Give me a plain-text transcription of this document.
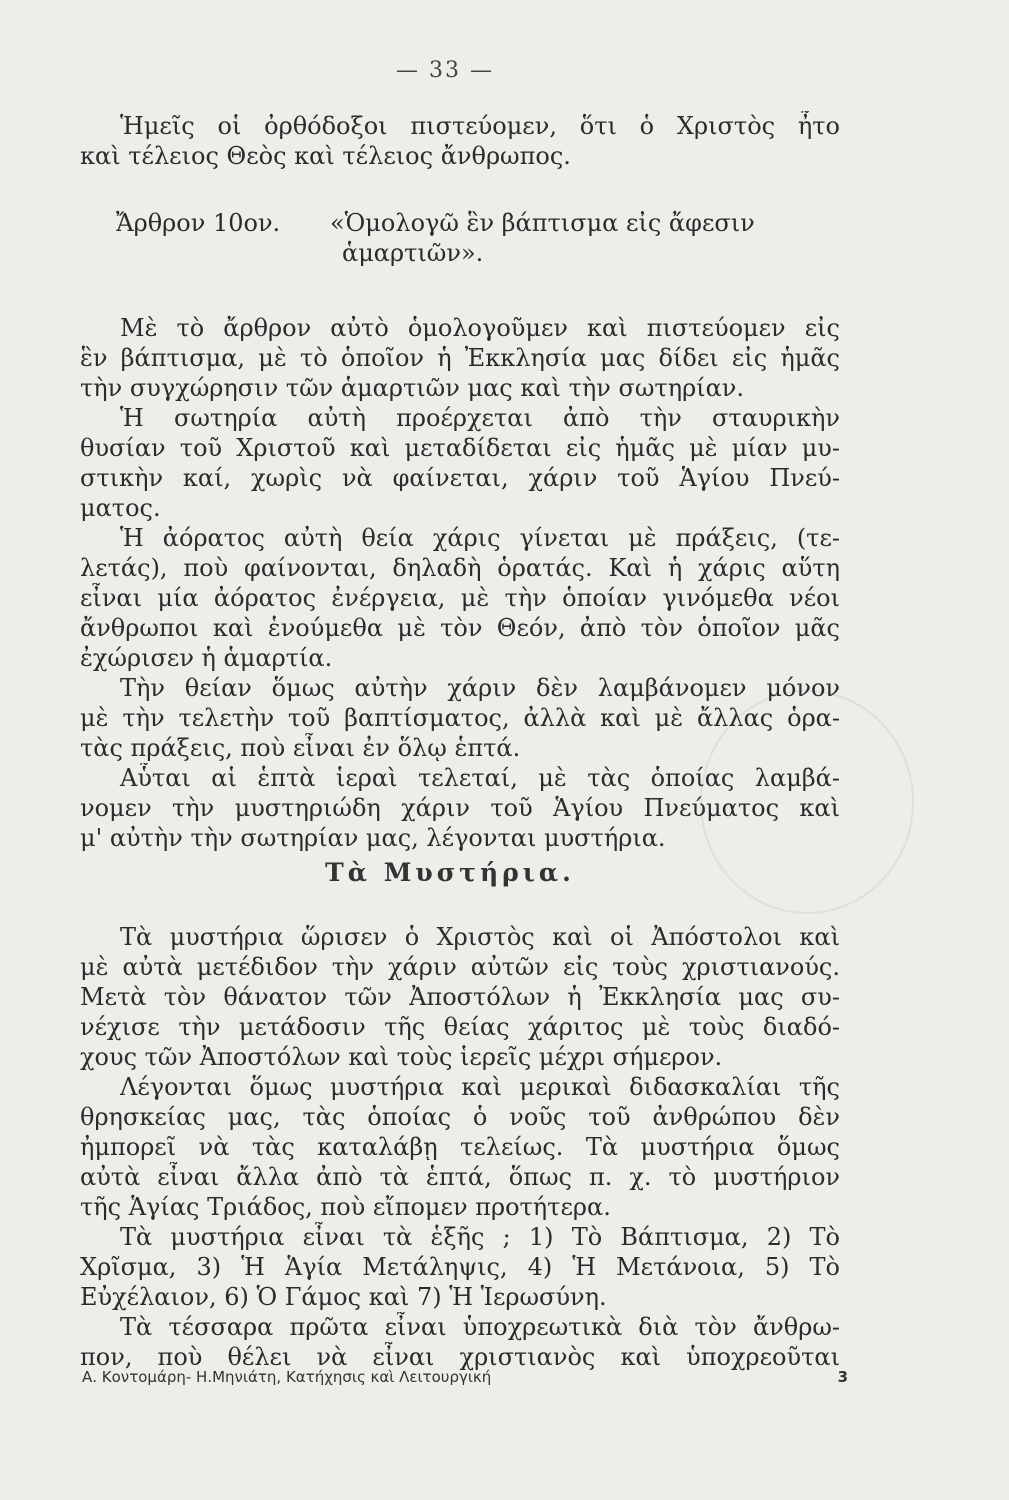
— 33 —
Ἡμεῖς οἱ ὀρθόδοξοι πιστεύομεν, ὅτι ὁ Χριστὸς ἦτο
καὶ τέλειος Θεὸς καὶ τέλειος ἄνθρωπος.
Ἄρθρον 10ον. «Ὁμολογῶ ἓν βάπτισμα εἰς ἄφεσιν
ἁμαρτιῶν».
Μὲ τὸ ἄρθρον αὐτὸ ὁμολογοῦμεν καὶ πιστεύομεν εἰς
ἓν βάπτισμα, μὲ τὸ ὁποῖον ἡ Ἐκκλησία μας δίδει εἰς ἡμᾶς
τὴν συγχώρησιν τῶν ἁμαρτιῶν μας καὶ τὴν σωτηρίαν.
Ἡ σωτηρία αὐτὴ προέρχεται ἀπὸ τὴν σταυρικὴν
θυσίαν τοῦ Χριστοῦ καὶ μεταδίδεται εἰς ἡμᾶς μὲ μίαν μυ-
στικὴν καί, χωρὶς νὰ φαίνεται, χάριν τοῦ Ἁγίου Πνεύ-
ματος.
Ἡ ἀόρατος αὐτὴ θεία χάρις γίνεται μὲ πράξεις, (τε-
λετάς), ποὺ φαίνονται, δηλαδὴ ὁρατάς. Καὶ ἡ χάρις αὕτη
εἶναι μία ἀόρατος ἐνέργεια, μὲ τὴν ὁποίαν γινόμεθα νέοι
ἄνθρωποι καὶ ἑνούμεθα μὲ τὸν Θεόν, ἀπὸ τὸν ὁποῖον μᾶς
ἐχώρισεν ἡ ἁμαρτία.
Τὴν θείαν ὅμως αὐτὴν χάριν δὲν λαμβάνομεν μόνον
μὲ τὴν τελετὴν τοῦ βαπτίσματος, ἀλλὰ καὶ μὲ ἄλλας ὁρα-
τὰς πράξεις, ποὺ εἶναι ἐν ὅλῳ ἑπτά.
Αὗται αἱ ἑπτὰ ἱεραὶ τελεταί, μὲ τὰς ὁποίας λαμβά-
νομεν τὴν μυστηριώδη χάριν τοῦ Ἁγίου Πνεύματος καὶ
μ' αὐτὴν τὴν σωτηρίαν μας, λέγονται μυστήρια.
Τὰ Μυστήρια.
Τὰ μυστήρια ὥρισεν ὁ Χριστὸς καὶ οἱ Ἀπόστολοι καὶ
μὲ αὐτὰ μετέδιδον τὴν χάριν αὐτῶν εἰς τοὺς χριστιανούς.
Μετὰ τὸν θάνατον τῶν Ἀποστόλων ἡ Ἐκκλησία μας συ-
νέχισε τὴν μετάδοσιν τῆς θείας χάριτος μὲ τοὺς διαδό-
χους τῶν Ἀποστόλων καὶ τοὺς ἱερεῖς μέχρι σήμερον.
Λέγονται ὅμως μυστήρια καὶ μερικαὶ διδασκαλίαι τῆς
θρησκείας μας, τὰς ὁποίας ὁ νοῦς τοῦ ἀνθρώπου δὲν
ἠμπορεῖ νὰ τὰς καταλάβῃ τελείως. Τὰ μυστήρια ὅμως
αὐτὰ εἶναι ἄλλα ἀπὸ τὰ ἑπτά, ὅπως π. χ. τὸ μυστήριον
τῆς Ἁγίας Τριάδος, ποὺ εἴπομεν προτήτερα.
Τὰ μυστήρια εἶναι τὰ ἑξῆς ; 1) Τὸ Βάπτισμα, 2) Τὸ
Χρῖσμα, 3) Ἡ Ἁγία Μετάληψις, 4) Ἡ Μετάνοια, 5) Τὸ
Εὐχέλαιον, 6) Ὁ Γάμος καὶ 7) Ἡ Ἱερωσύνη.
Τὰ τέσσαρα πρῶτα εἶναι ὑποχρεωτικὰ διὰ τὸν ἄνθρω-
πον, ποὺ θέλει νὰ εἶναι χριστιανὸς καὶ ὑποχρεοῦται
Α. Κοντομάρη- Η.Μηνιάτη, Κατήχησις καὶ Λειτουργική	3
